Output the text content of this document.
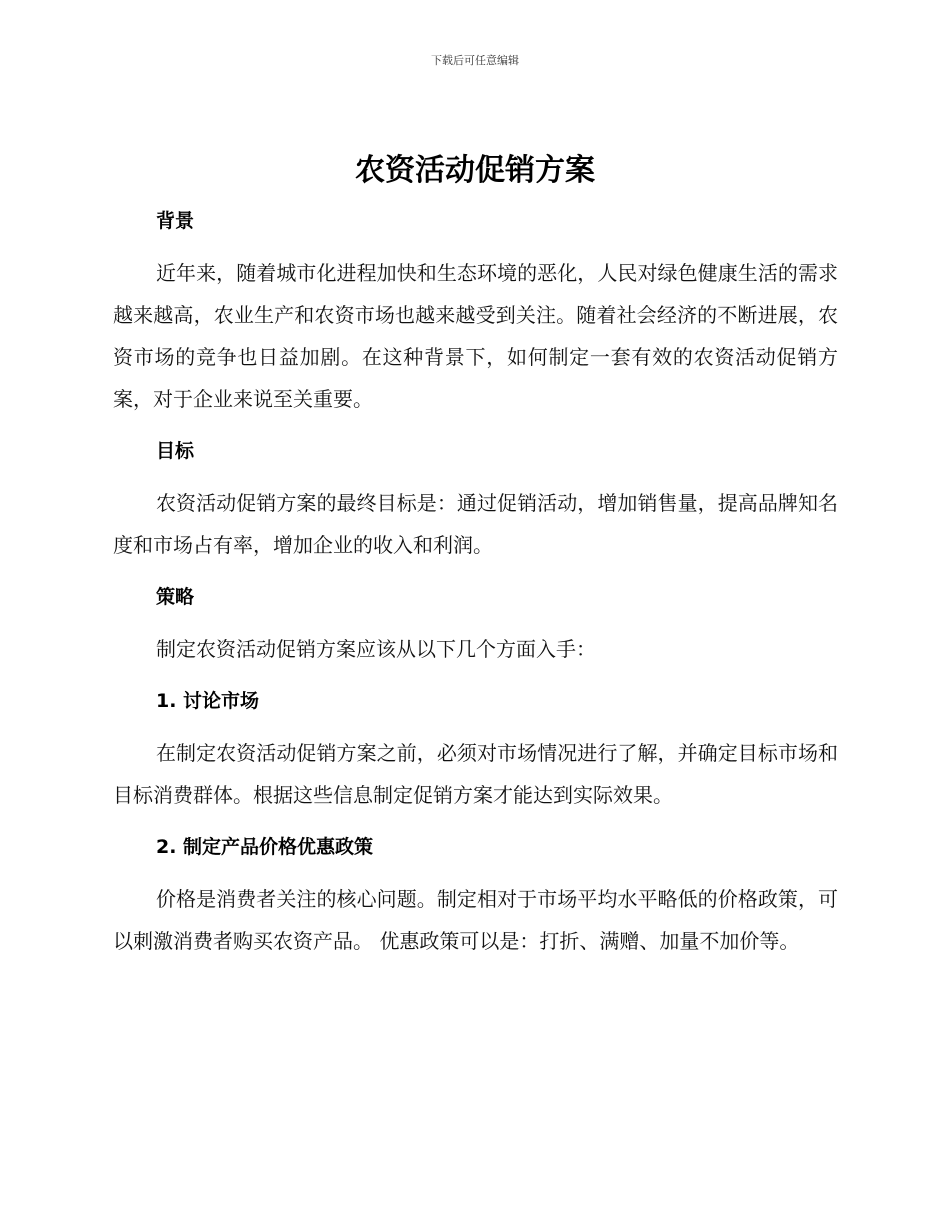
下载后可任意编辑
农资活动促销方案

背景

近年来，随着城市化进程加快和生态环境的恶化，人民对绿色健康生活的需求越来越高，农业生产和农资市场也越来越受到关注。随着社会经济的不断进展，农资市场的竞争也日益加剧。在这种背景下，如何制定一套有效的农资活动促销方案，对于企业来说至关重要。

目标

农资活动促销方案的最终目标是：通过促销活动，增加销售量，提高品牌知名度和市场占有率，增加企业的收入和利润。

策略

制定农资活动促销方案应该从以下几个方面入手：

1. 讨论市场

在制定农资活动促销方案之前，必须对市场情况进行了解，并确定目标市场和目标消费群体。根据这些信息制定促销方案才能达到实际效果。

2. 制定产品价格优惠政策

价格是消费者关注的核心问题。制定相对于市场平均水平略低的价格政策，可以刺激消费者购买农资产品。 优惠政策可以是：打折、满赠、加量不加价等。
